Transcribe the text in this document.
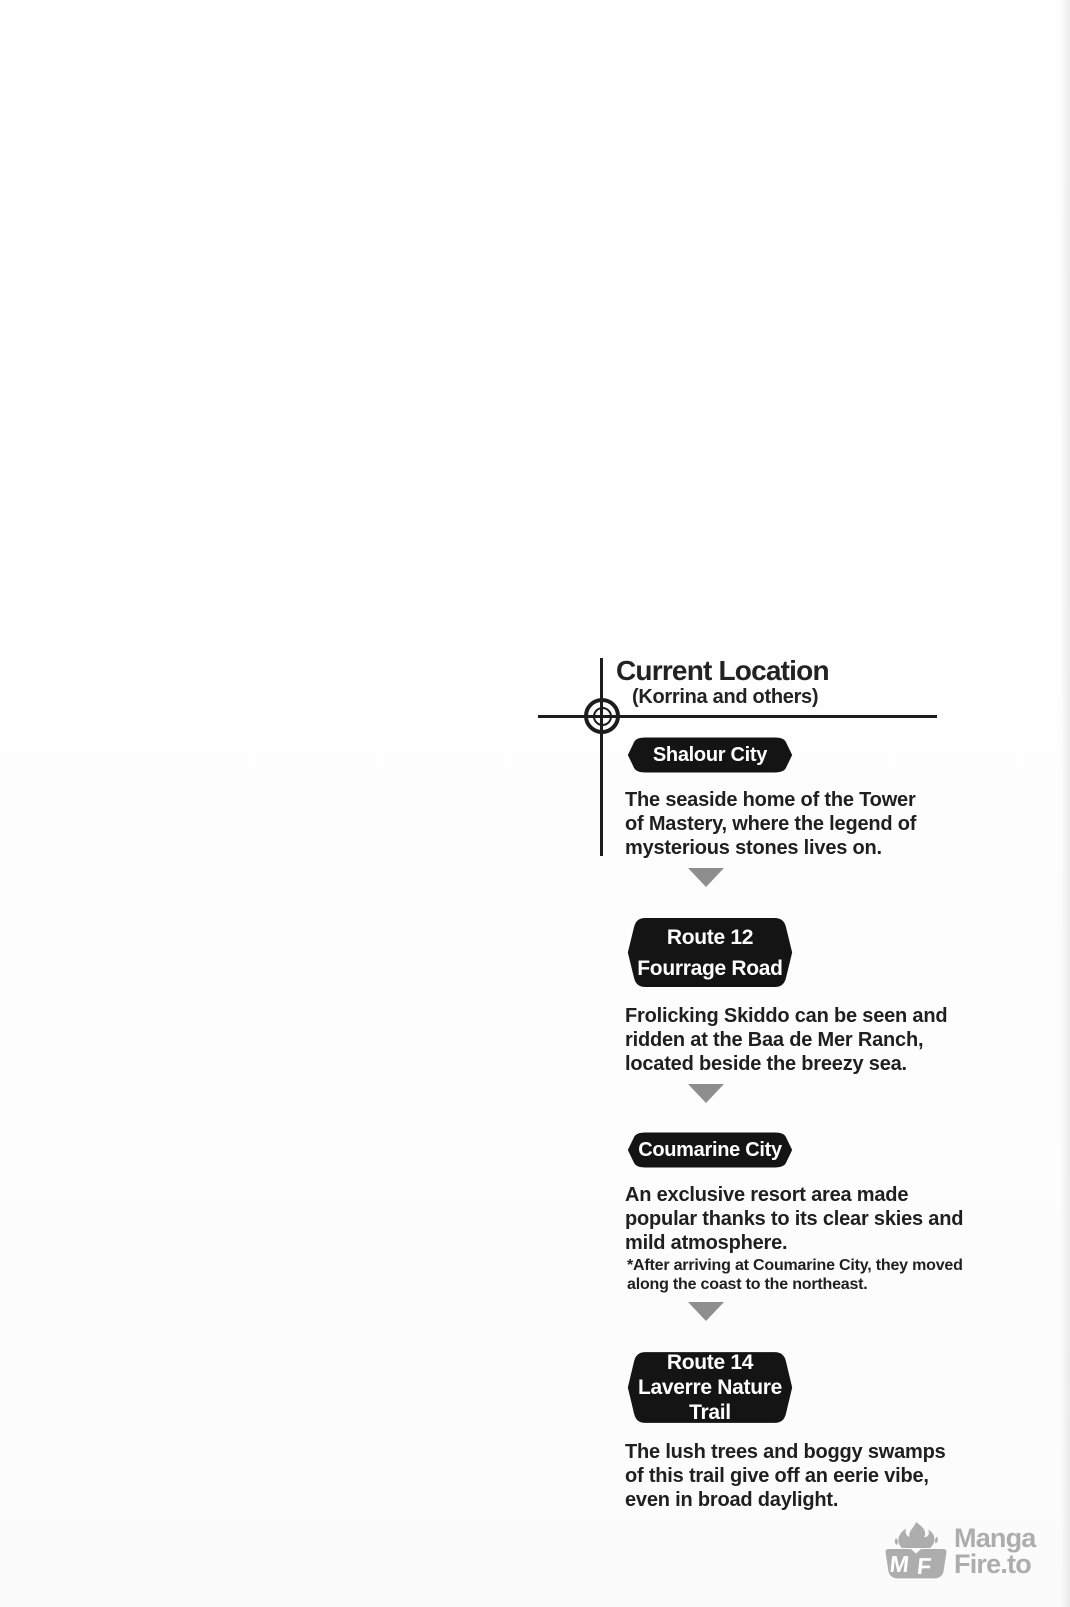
Current Location
(Korrina and others)
Shalour City
The seaside home of the Tower
of Mastery, where the legend of
mysterious stones lives on.
Route 12
Fourrage Road
Frolicking Skiddo can be seen and
ridden at the Baa de Mer Ranch,
located beside the breezy sea.
Coumarine City
An exclusive resort area made
popular thanks to its clear skies and
mild atmosphere.
*After arriving at Coumarine City, they moved
along the coast to the northeast.
Route 14
Laverre Nature
Trail
The lush trees and boggy swamps
of this trail give off an eerie vibe,
even in broad daylight.
M F
Manga
Fire.to
